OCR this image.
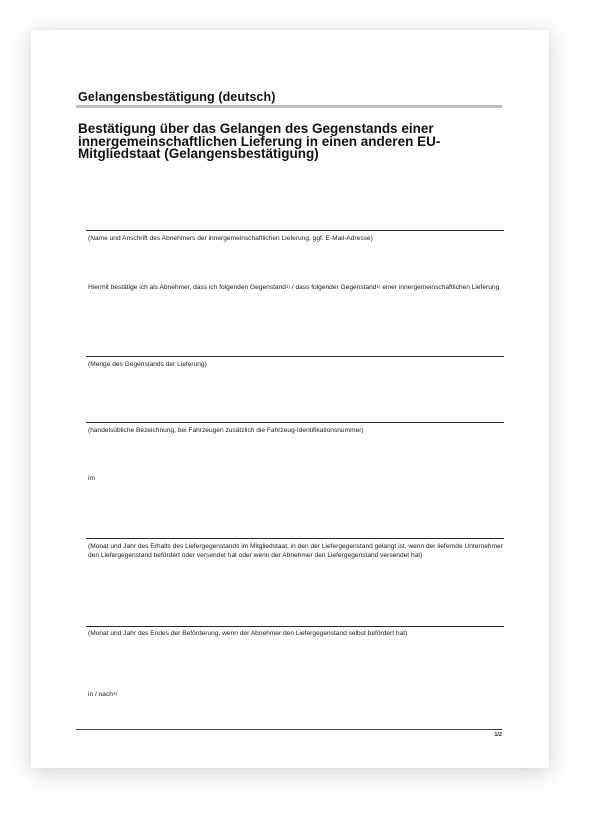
Gelangensbestätigung (deutsch)
Bestätigung über das Gelangen des Gegenstands einer innergemeinschaftlichen Lieferung in einen anderen EU-Mitgliedstaat (Gelangensbestätigung)
(Name und Anschrift des Abnehmers der innergemeinschaftlichen Lieferung, ggf. E-Mail-Adresse)
Hiermit bestätige ich als Abnehmer, dass ich folgenden Gegenstand$^{1)}$ / dass folgender Gegenstand$^{1)}$ einer innergemeinschaftlichen Lieferung
(Menge des Gegenstands der Lieferung)
(handelsübliche Bezeichnung, bei Fahrzeugen zusätzlich die Fahrzeug-Identifikationsnummer)
im
(Monat und Jahr des Erhalts des Liefergegenstands im Mitgliedstaat, in den der Liefergegenstand gelangt ist, wenn der liefernde Unternehmer den Liefergegenstand befördert oder versendet hat oder wenn der Abnehmer den Liefergegenstand versendet hat)
(Monat und Jahr des Endes der Beförderung, wenn der Abnehmer den Liefergegenstand selbst befördert hat)
in / nach$^{1)}$
1/2
